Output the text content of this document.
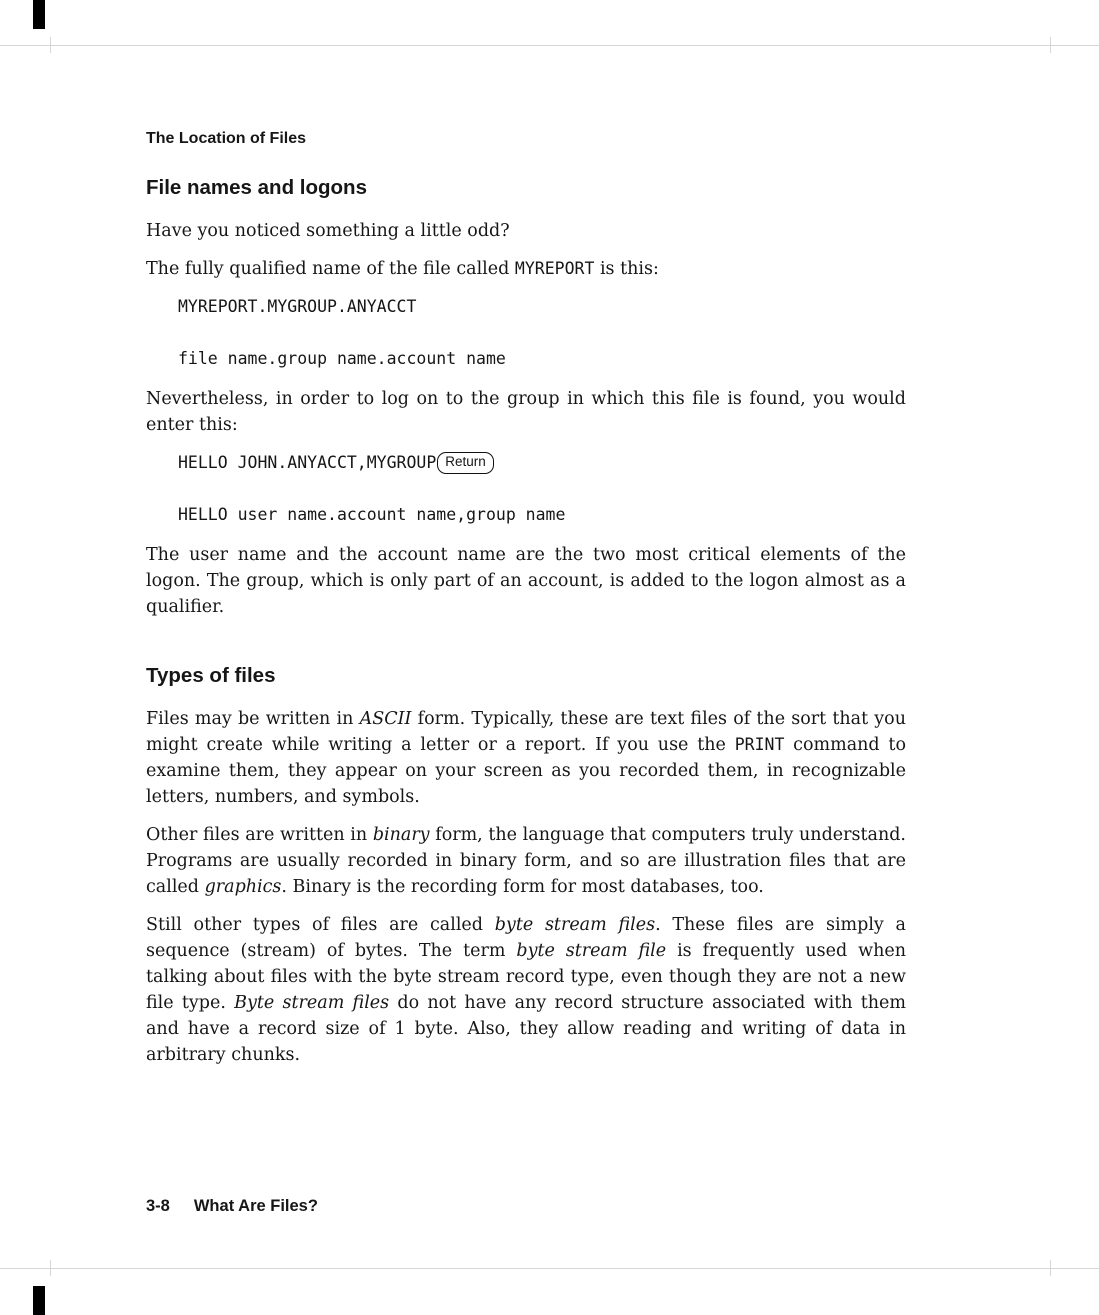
The Location of Files
File names and logons

Have you noticed something a little odd?

The fully qualified name of the file called MYREPORT is this:

MYREPORT.MYGROUP.ANYACCT
file name.group name.account name

Nevertheless, in order to log on to the group in which this file is found, you would enter this:

HELLO JOHN.ANYACCT,MYGROUP Return
HELLO user name.account name,group name

The user name and the account name are the two most critical elements of the logon. The group, which is only part of an account, is added to the logon almost as a qualifier.

Types of files

Files may be written in ASCII form. Typically, these are text files of the sort that you might create while writing a letter or a report. If you use the PRINT command to examine them, they appear on your screen as you recorded them, in recognizable letters, numbers, and symbols.

Other files are written in binary form, the language that computers truly understand. Programs are usually recorded in binary form, and so are illustration files that are called graphics. Binary is the recording form for most databases, too.

Still other types of files are called byte stream files. These files are simply a sequence (stream) of bytes. The term byte stream file is frequently used when talking about files with the byte stream record type, even though they are not a new file type. Byte stream files do not have any record structure associated with them and have a record size of 1 byte. Also, they allow reading and writing of data in arbitrary chunks.

3-8 What Are Files?
